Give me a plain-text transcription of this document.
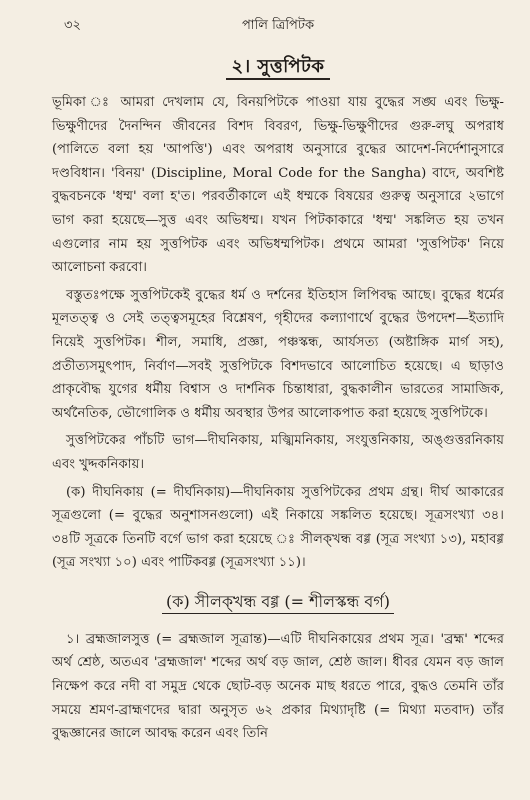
৩২	পালি ত্রিপিটক
২। সুত্তপিটক

ভূমিকা ঃ আমরা দেখলাম যে, বিনয়পিটকে পাওয়া যায় বুদ্ধের সঙ্ঘ এবং ভিক্ষু-ভিক্ষুণীদের দৈনন্দিন জীবনের বিশদ বিবরণ, ভিক্ষু-ভিক্ষুণীদের গুরু-লঘু অপরাধ (পালিতে বলা হয় 'আপত্তি') এবং অপরাধ অনুসারে বুদ্ধের আদেশ-নির্দেশানুসারে দণ্ডবিধান। 'বিনয়' (Discipline, Moral Code for the Sangha) বাদে, অবশিষ্ট বুদ্ধবচনকে 'ধম্ম' বলা হ'ত। পরবর্তীকালে এই ধম্মকে বিষয়ের গুরুত্ব অনুসারে ২ভাগে ভাগ করা হয়েছে—সুত্ত এবং অভিধম্ম। যখন পিটকাকারে 'ধম্ম' সঙ্কলিত হয় তখন এগুলোর নাম হয় সুত্তপিটক এবং অভিধম্মপিটক। প্রথমে আমরা 'সুত্তপিটক' নিয়ে আলোচনা করবো।

বস্তুতঃপক্ষে সুত্তপিটকেই বুদ্ধের ধর্ম ও দর্শনের ইতিহাস লিপিবদ্ধ আছে। বুদ্ধের ধর্মের মূলতত্ত্ব ও সেই তত্ত্বসমূহের বিশ্লেষণ, গৃহীদের কল্যাণার্থে বুদ্ধের উপদেশ—ইত্যাদি নিয়েই সুত্তপিটক। শীল, সমাধি, প্রজ্ঞা, পঞ্চস্কন্ধ, আর্যসত্য (অষ্টাঙ্গিক মার্গ সহ), প্রতীত্যসমুৎপাদ, নির্বাণ—সবই সুত্তপিটকে বিশদভাবে আলোচিত হয়েছে। এ ছাড়াও প্রাকৃবৌদ্ধ যুগের ধর্মীয় বিশ্বাস ও দার্শনিক চিন্তাধারা, বুদ্ধকালীন ভারতের সামাজিক, অর্থনৈতিক, ভৌগোলিক ও ধর্মীয় অবস্থার উপর আলোকপাত করা হয়েছে সুত্তপিটকে।

সুত্তপিটকের পাঁচটি ভাগ—দীঘনিকায়, মজ্ঝিমনিকায়, সংযুত্তনিকায়, অঙ্গুত্তরনিকায় এবং খুদ্দকনিকায়।

(ক) দীঘনিকায় (= দীর্ঘনিকায়)—দীঘনিকায় সুত্তপিটকের প্রথম গ্রন্থ। দীর্ঘ আকারের সূত্রগুলো (= বুদ্ধের অনুশাসনগুলো) এই নিকায়ে সঙ্কলিত হয়েছে। সূত্রসংখ্যা ৩৪। ৩৪টি সূত্রকে তিনটি বর্গে ভাগ করা হয়েছে ঃ সীলক্খন্ধ বগ্গ (সূত্র সংখ্যা ১৩), মহাবগ্গ (সূত্র সংখ্যা ১০) এবং পাটিকবগ্গ (সূত্রসংখ্যা ১১)।

(ক) সীলক্খন্ধ বগ্গ (= শীলস্কন্ধ বর্গ)

১। ব্রহ্মজালসুত্ত (= ব্রহ্মজাল সূত্রান্ত)—এটি দীঘনিকায়ের প্রথম সূত্র। 'ব্রহ্ম' শব্দের অর্থ শ্রেষ্ঠ, অতএব 'ব্রহ্মজাল' শব্দের অর্থ বড় জাল, শ্রেষ্ঠ জাল। ধীবর যেমন বড় জাল নিক্ষেপ করে নদী বা সমুদ্র থেকে ছোট-বড় অনেক মাছ ধরতে পারে, বুদ্ধও তেমনি তাঁর সময়ে শ্রমণ-ব্রাহ্মণদের দ্বারা অনুসৃত ৬২ প্রকার মিথ্যাদৃষ্টি (= মিথ্যা মতবাদ) তাঁর বুদ্ধজ্ঞানের জালে আবদ্ধ করেন এবং তিনি
